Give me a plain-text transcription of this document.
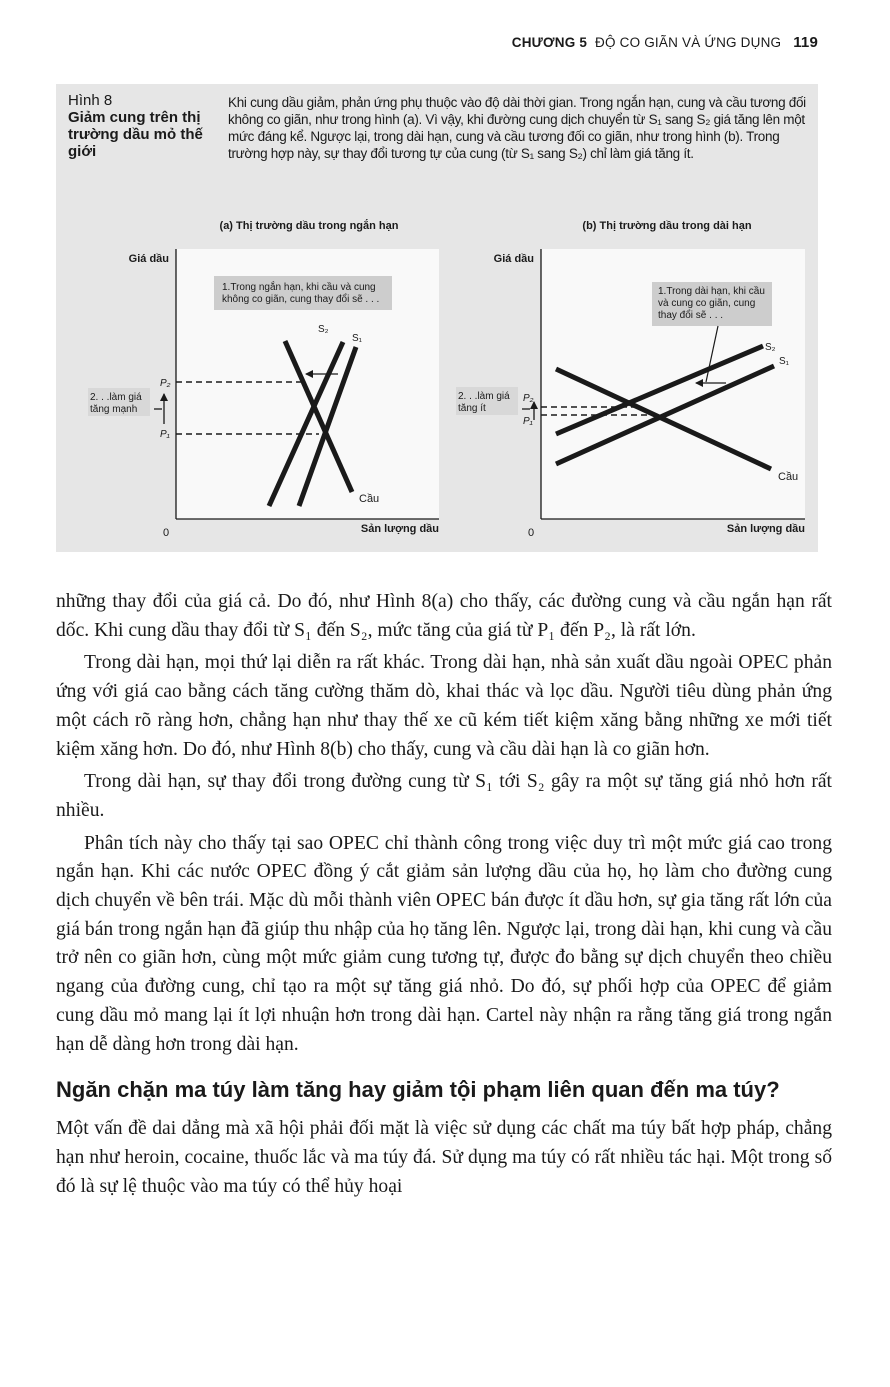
CHƯƠNG 5 ĐỘ CO GIÃN VÀ ỨNG DỤNG 119
Hình 8
Giảm cung trên thị trường dầu mỏ thế giới
Khi cung dầu giảm, phản ứng phụ thuộc vào độ dài thời gian. Trong ngắn hạn, cung và cầu tương đối không co giãn, như trong hình (a). Vì vậy, khi đường cung dịch chuyển từ S₁ sang S₂ giá tăng lên một mức đáng kể. Ngược lại, trong dài hạn, cung và cầu tương đối co giãn, như trong hình (b). Trong trường hợp này, sự thay đổi tương tự của cung (từ S₁ sang S₂) chỉ làm giá tăng ít.
(a) Thị trường dầu trong ngắn hạn
Giá dầu
Sản lượng dầu
0
S₂
S₁
Cầu
P₂
P₁
2. . .làm giá tăng mạnh
1.Trong ngắn hạn, khi cầu và cung không co giãn, cung thay đổi sẽ . . .
(b) Thị trường dầu trong dài hạn
Giá dầu
Sản lượng dầu
0
S₂
S₁
Cầu
P₂
P₁
2. . .làm giá tăng ít
1.Trong dài hạn, khi cầu và cung co giãn, cung thay đổi sẽ . . .

những thay đổi của giá cả. Do đó, như Hình 8(a) cho thấy, các đường cung và cầu ngắn hạn rất dốc. Khi cung dầu thay đổi từ S₁ đến S₂, mức tăng của giá từ P₁ đến P₂, là rất lớn.

Trong dài hạn, mọi thứ lại diễn ra rất khác. Trong dài hạn, nhà sản xuất dầu ngoài OPEC phản ứng với giá cao bằng cách tăng cường thăm dò, khai thác và lọc dầu. Người tiêu dùng phản ứng một cách rõ ràng hơn, chẳng hạn như thay thế xe cũ kém tiết kiệm xăng bằng những xe mới tiết kiệm xăng hơn. Do đó, như Hình 8(b) cho thấy, cung và cầu dài hạn là co giãn hơn.

Trong dài hạn, sự thay đổi trong đường cung từ S₁ tới S₂ gây ra một sự tăng giá nhỏ hơn rất nhiều.

Phân tích này cho thấy tại sao OPEC chỉ thành công trong việc duy trì một mức giá cao trong ngắn hạn. Khi các nước OPEC đồng ý cắt giảm sản lượng dầu của họ, họ làm cho đường cung dịch chuyển về bên trái. Mặc dù mỗi thành viên OPEC bán được ít dầu hơn, sự gia tăng rất lớn của giá bán trong ngắn hạn đã giúp thu nhập của họ tăng lên. Ngược lại, trong dài hạn, khi cung và cầu trở nên co giãn hơn, cùng một mức giảm cung tương tự, được đo bằng sự dịch chuyển theo chiều ngang của đường cung, chỉ tạo ra một sự tăng giá nhỏ. Do đó, sự phối hợp của OPEC để giảm cung dầu mỏ mang lại ít lợi nhuận hơn trong dài hạn. Cartel này nhận ra rằng tăng giá trong ngắn hạn dễ dàng hơn trong dài hạn.

Ngăn chặn ma túy làm tăng hay giảm tội phạm liên quan đến ma túy?

Một vấn đề dai dẳng mà xã hội phải đối mặt là việc sử dụng các chất ma túy bất hợp pháp, chẳng hạn như heroin, cocaine, thuốc lắc và ma túy đá. Sử dụng ma túy có rất nhiều tác hại. Một trong số đó là sự lệ thuộc vào ma túy có thể hủy hoại
